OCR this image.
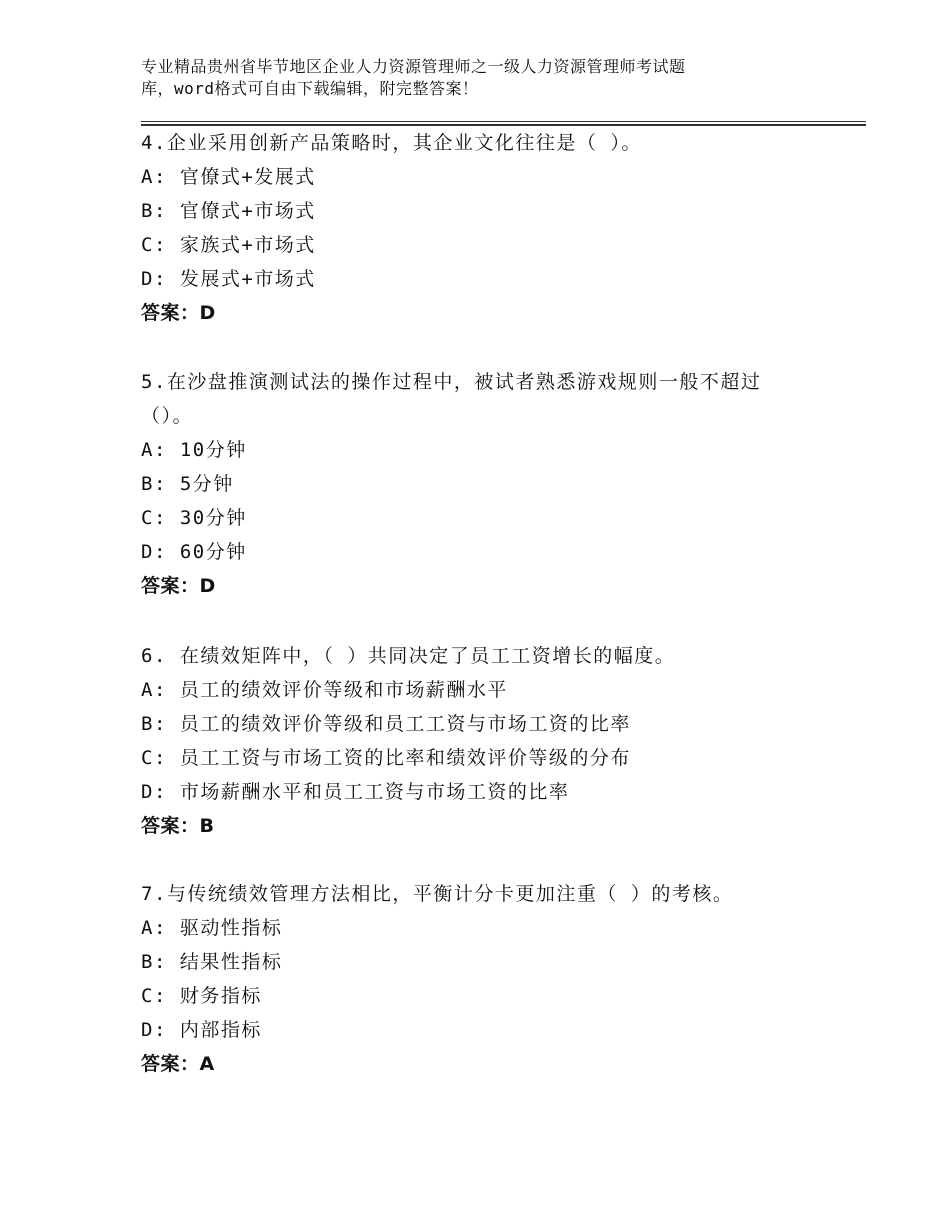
专业精品贵州省毕节地区企业人力资源管理师之一级人力资源管理师考试题
库，word格式可自由下载编辑，附完整答案！
4.企业采用创新产品策略时，其企业文化往往是（ ）。
A: 官僚式+发展式
B: 官僚式+市场式
C: 家族式+市场式
D: 发展式+市场式
答案：D
5.在沙盘推演测试法的操作过程中，被试者熟悉游戏规则一般不超过
（）。
A: 10分钟
B: 5分钟
C: 30分钟
D: 60分钟
答案：D
6. 在绩效矩阵中，（ ）共同决定了员工工资增长的幅度。
A: 员工的绩效评价等级和市场薪酬水平
B: 员工的绩效评价等级和员工工资与市场工资的比率
C: 员工工资与市场工资的比率和绩效评价等级的分布
D: 市场薪酬水平和员工工资与市场工资的比率
答案：B
7.与传统绩效管理方法相比，平衡计分卡更加注重（ ）的考核。
A: 驱动性指标
B: 结果性指标
C: 财务指标
D: 内部指标
答案：A
